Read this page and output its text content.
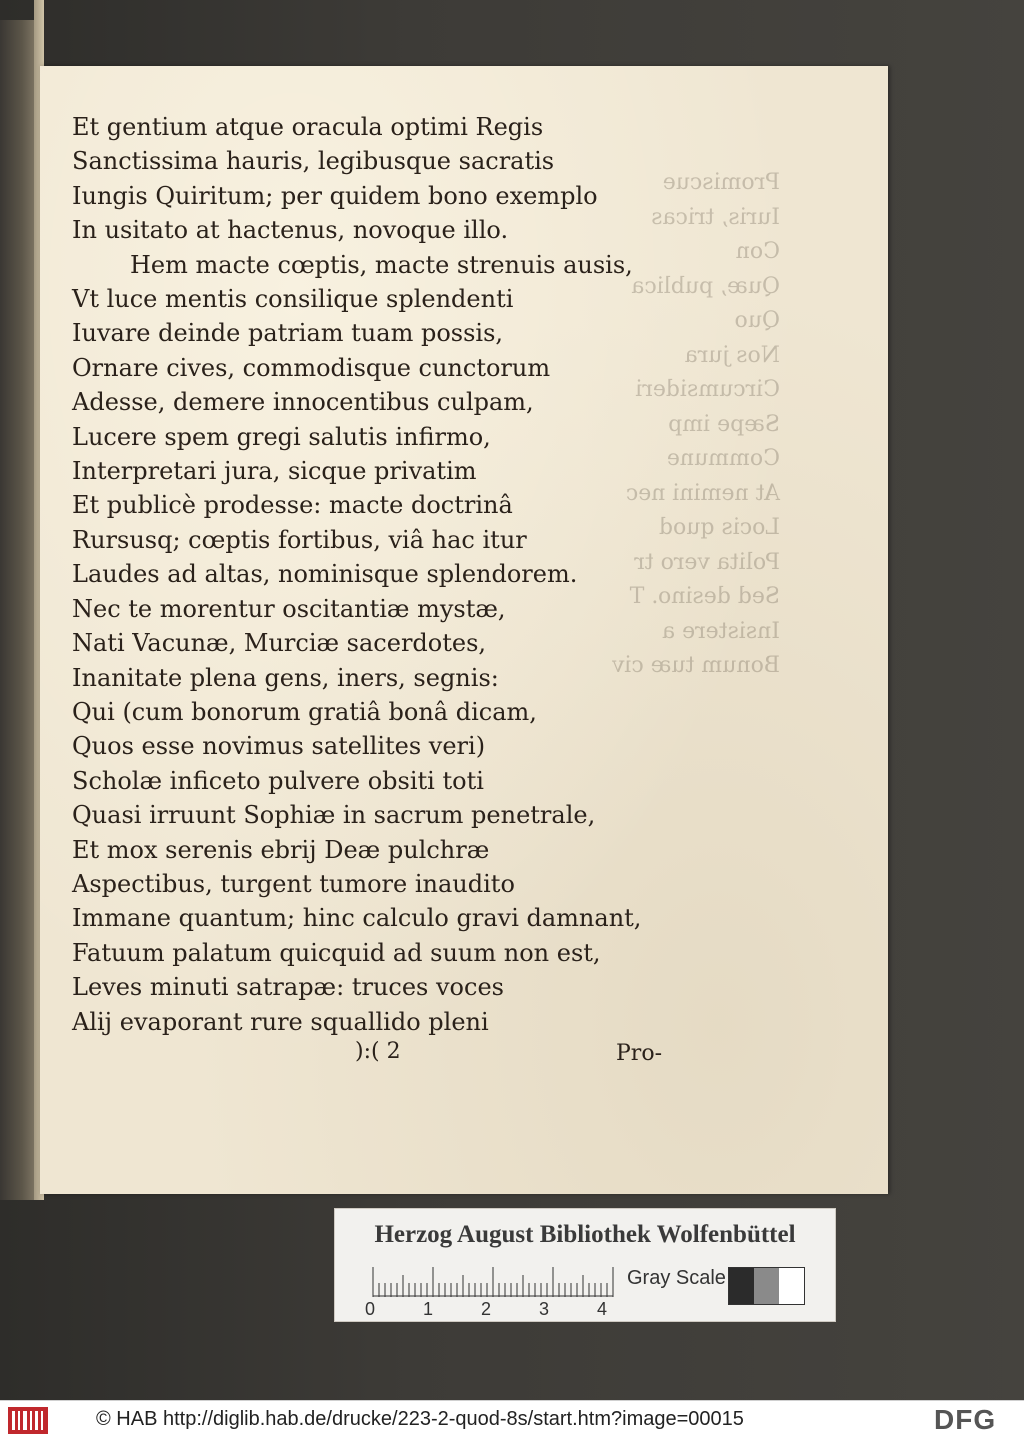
Promiscue
Iuris, tricas
Con
Quæ, publica
Quo
Nos jura
Circumsideri
Sæpe imp
Commune
At nemini nec
Locis quod
Polita vero tr
Sed desino. T
Insistere a
Bonum tuæ civ
Et gentium atque oracula optimi Regis
Sanctissima hauris, legibusque sacratis
Iungis Quiritum; per quidem bono exemplo
In usitato at hactenus, novoque illo.
Hem macte cœptis, macte strenuis ausis,
Vt luce mentis consilique splendenti
Iuvare deinde patriam tuam possis,
Ornare cives, commodisque cunctorum
Adesse, demere innocentibus culpam,
Lucere spem gregi salutis infirmo,
Interpretari jura, sicque privatim
Et publicè prodesse: macte doctrinâ
Rursusq; cœptis fortibus, viâ hac itur
Laudes ad altas, nominisque splendorem.
Nec te morentur oscitantiæ mystæ,
Nati Vacunæ, Murciæ sacerdotes,
Inanitate plena gens, iners, segnis:
Qui (cum bonorum gratiâ bonâ dicam,
Quos esse novimus satellites veri)
Scholæ inficeto pulvere obsiti toti
Quasi irruunt Sophiæ in sacrum penetrale,
Et mox serenis ebrij Deæ pulchræ
Aspectibus, turgent tumore inaudito
Immane quantum; hinc calculo gravi damnant,
Fatuum palatum quicquid ad suum non est,
Leves minuti satrapæ: truces voces
Alij evaporant rure squallido pleni
):( 2	Pro-
Herzog August Bibliothek Wolfenbüttel
0	1	2	3	4
Gray Scale
© HAB http://diglib.hab.de/drucke/223-2-quod-8s/start.htm?image=00015	DFG
